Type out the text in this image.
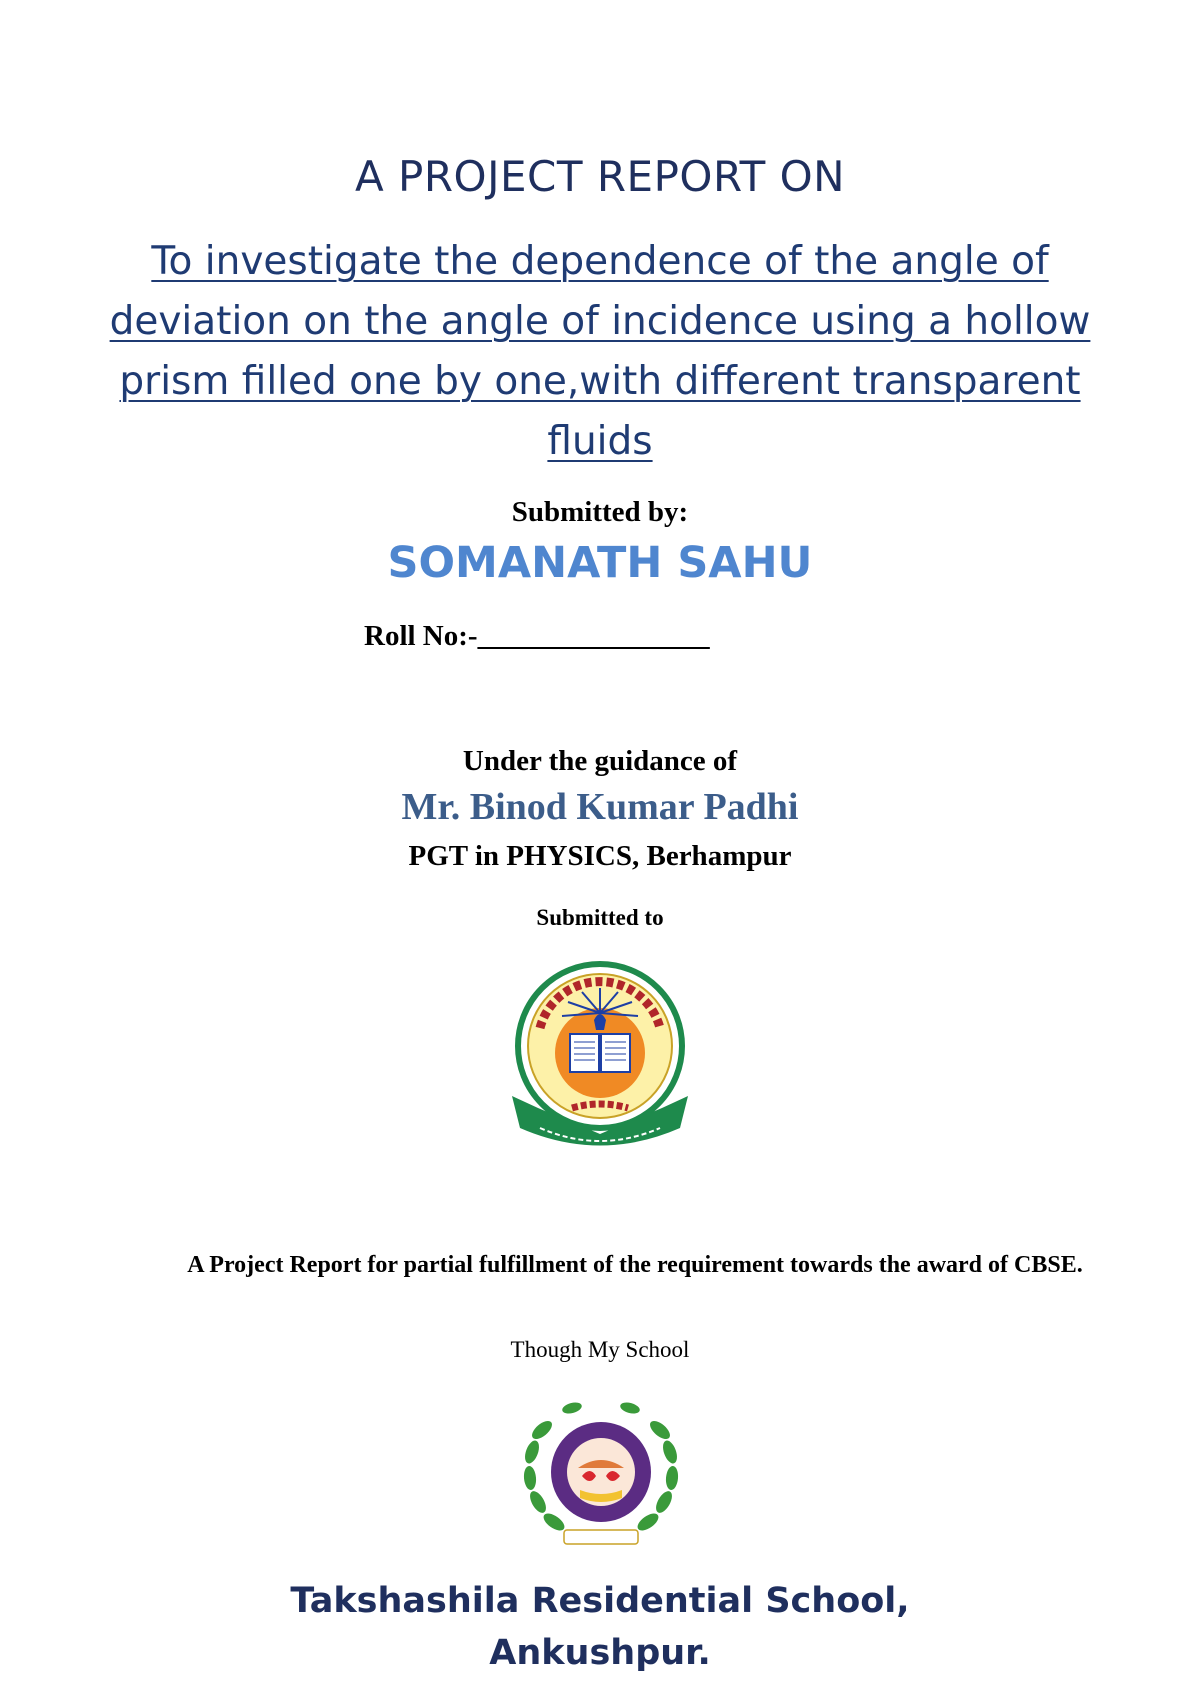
A PROJECT REPORT ON
To investigate the dependence of the angle of deviation on the angle of incidence using a hollow prism filled one by one,with different transparent fluids
Submitted by:
SOMANATH SAHU
Roll No:-________________
Under the guidance of
Mr. Binod Kumar Padhi
PGT in PHYSICS, Berhampur
Submitted to
A Project Report for partial fulfillment of the requirement towards the award of CBSE.
Though My School
Takshashila Residential School,
Ankushpur.
